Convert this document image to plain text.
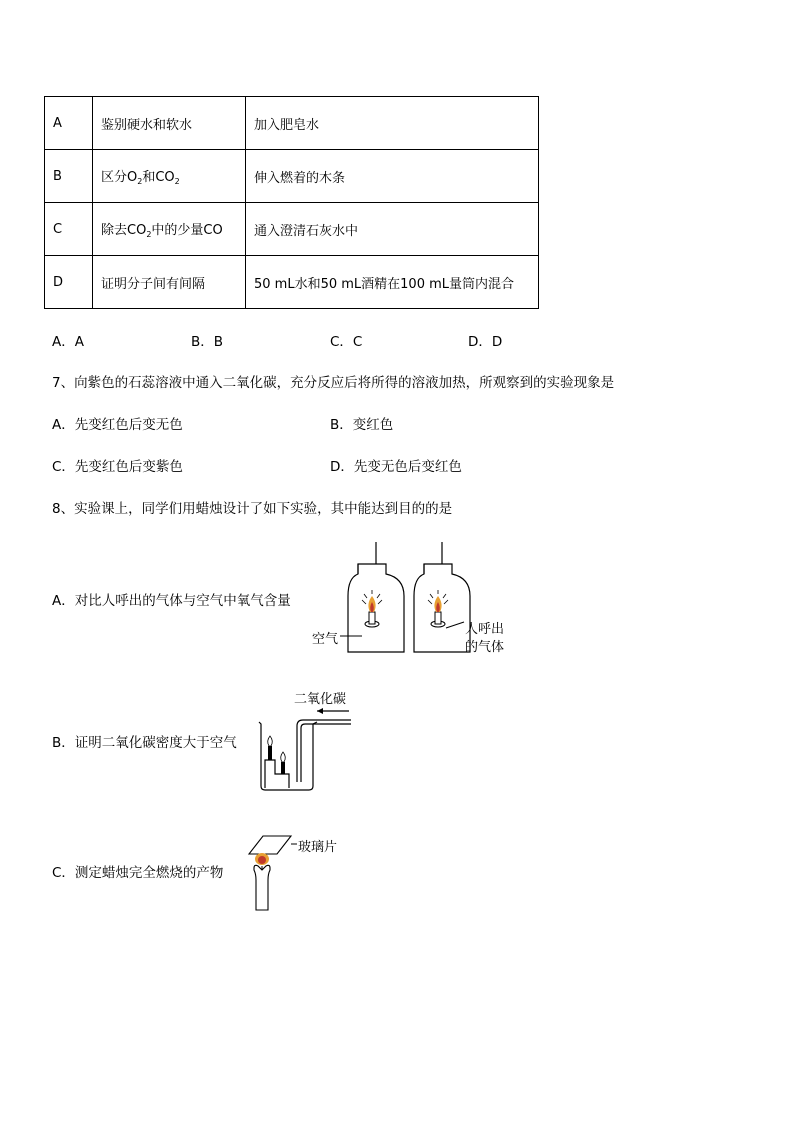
A	鉴别硬水和软水	加入肥皂水
B	区分$O_2$和$CO_2$	伸入燃着的木条
C	除去$CO_2$中的少量CO	通入澄清石灰水中
D	证明分子间有间隔	50 mL水和50 mL酒精在100 mL量筒内混合
A．A	B．B	C．C	D．D
7、向紫色的石蕊溶液中通入二氧化碳，充分反应后将所得的溶液加热，所观察到的实验现象是
A．先变红色后变无色	B．变红色
C．先变红色后变紫色	D．先变无色后变红色
8、实验课上，同学们用蜡烛设计了如下实验，其中能达到目的的是
A．对比人呼出的气体与空气中氧气含量
B．证明二氧化碳密度大于空气
C．测定蜡烛完全燃烧的产物
空气
人呼出
的气体
二氧化碳
玻璃片
